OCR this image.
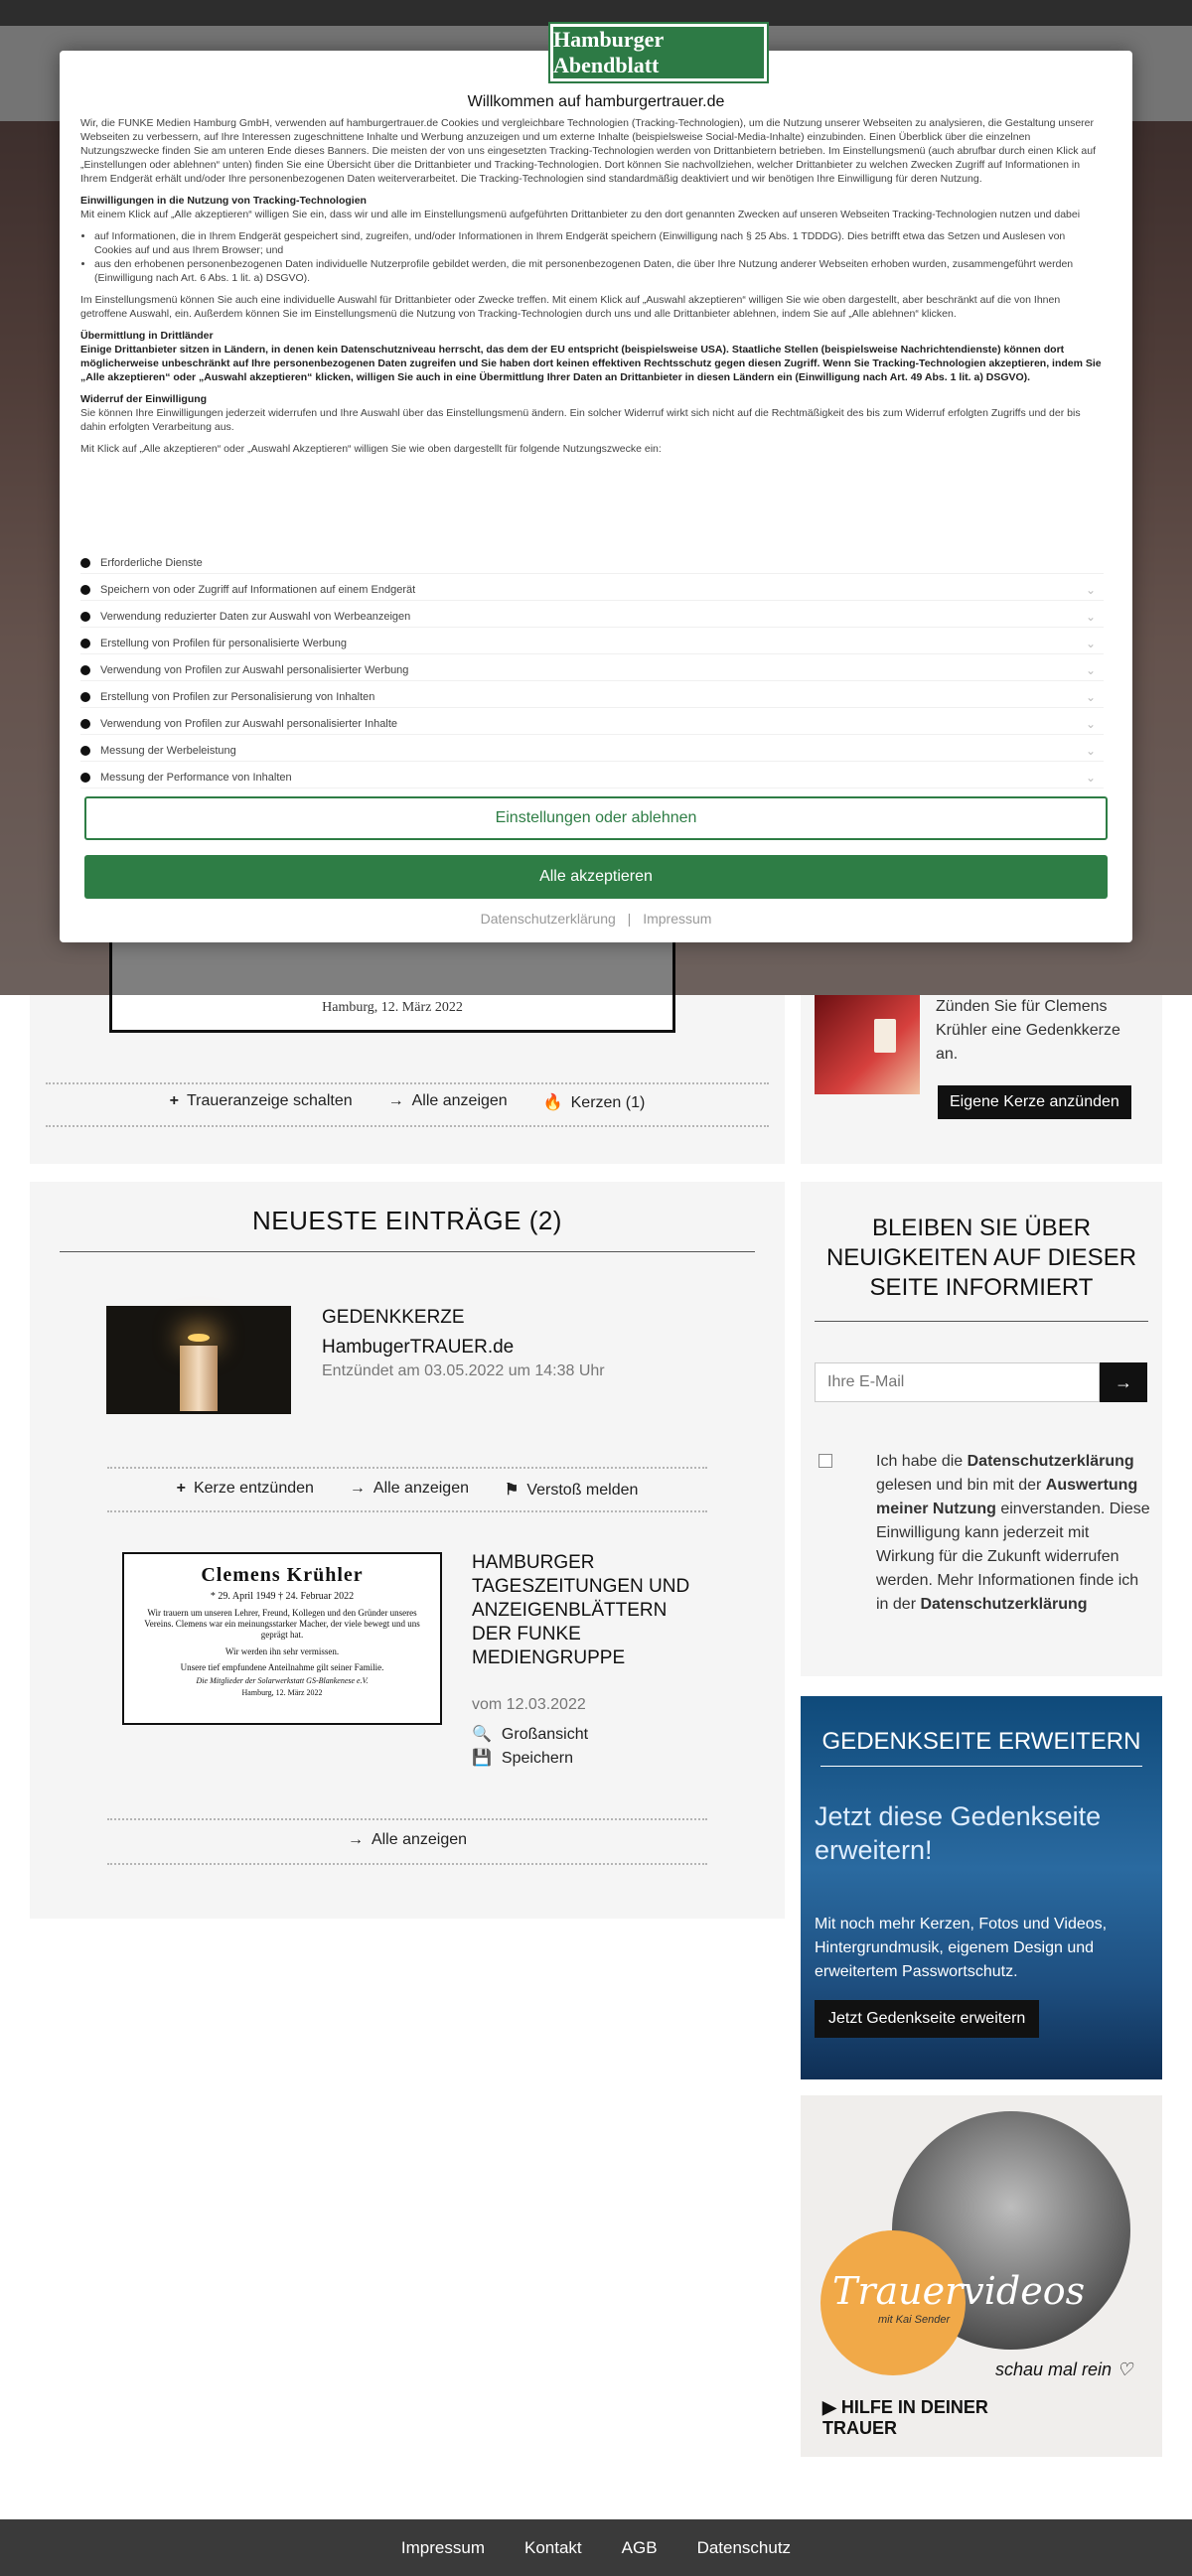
Hamburg, 12. März 2022
+ Traueranzeige schalten → Alle anzeigen 🔥 Kerzen (1)
Zünden Sie für Clemens Krühler eine Gedenkkerze an.
Eigene Kerze anzünden
NEUESTE EINTRÄGE (2)
GEDENKKERZE
HambugerTRAUER.de
Entzündet am 03.05.2022 um 14:38 Uhr
+ Kerze entzünden → Alle anzeigen ⚑ Verstoß melden
Clemens Krühler
* 29. April 1949 † 24. Februar 2022
Wir trauern um unseren Lehrer, Freund, Kollegen und den Gründer unseres Vereins. Clemens war ein meinungsstarker Macher, der viele bewegt und uns geprägt hat.
Wir werden ihn sehr vermissen.
Unsere tief empfundene Anteilnahme gilt seiner Familie.
Die Mitglieder der Solarwerkstatt GS-Blankenese e.V.
Hamburg, 12. März 2022
HAMBURGER TAGESZEITUNGEN UND ANZEIGENBLÄTTERN DER FUNKE MEDIENGRUPPE
vom 12.03.2022
🔍 Großansicht
💾 Speichern
→ Alle anzeigen
BLEIBEN SIE ÜBER NEUIGKEITEN AUF DIESER SEITE INFORMIERT
Ihre E-Mail
→
Ich habe die Datenschutzerklärung gelesen und bin mit der Auswertung meiner Nutzung einverstanden. Diese Einwilligung kann jederzeit mit Wirkung für die Zukunft widerrufen werden. Mehr Informationen finde ich in der Datenschutzerklärung
GEDENKSEITE ERWEITERN
Jetzt diese Gedenkseite erweitern!
Mit noch mehr Kerzen, Fotos und Videos, Hintergrundmusik, eigenem Design und erweitertem Passwortschutz.
Jetzt Gedenkseite erweitern
Trauervideos
mit Kai Sender
schau mal rein ♡
▶ HILFE IN DEINER TRAUER
Impressum Kontakt AGB Datenschutz
Hamburger Abendblatt
Willkommen auf hamburgertrauer.de

Wir, die FUNKE Medien Hamburg GmbH, verwenden auf hamburgertrauer.de Cookies und vergleichbare Technologien (Tracking-Technologien), um die Nutzung unserer Webseiten zu analysieren, die Gestaltung unserer Webseiten zu verbessern, auf Ihre Interessen zugeschnittene Inhalte und Werbung anzuzeigen und um externe Inhalte (beispielsweise Social-Media-Inhalte) einzubinden. Einen Überblick über die einzelnen Nutzungszwecke finden Sie am unteren Ende dieses Banners. Die meisten der von uns eingesetzten Tracking-Technologien werden von Drittanbietern betrieben. Im Einstellungsmenü (auch abrufbar durch einen Klick auf „Einstellungen oder ablehnen“ unten) finden Sie eine Übersicht über die Drittanbieter und Tracking-Technologien. Dort können Sie nachvollziehen, welcher Drittanbieter zu welchen Zwecken Zugriff auf Informationen in Ihrem Endgerät erhält und/oder Ihre personenbezogenen Daten weiterverarbeitet. Die Tracking-Technologien sind standardmäßig deaktiviert und wir benötigen Ihre Einwilligung für deren Nutzung.

Einwilligungen in die Nutzung von Tracking-Technologien

Mit einem Klick auf „Alle akzeptieren“ willigen Sie ein, dass wir und alle im Einstellungsmenü aufgeführten Drittanbieter zu den dort genannten Zwecken auf unseren Webseiten Tracking-Technologien nutzen und dabei

• auf Informationen, die in Ihrem Endgerät gespeichert sind, zugreifen, und/oder Informationen in Ihrem Endgerät speichern (Einwilligung nach § 25 Abs. 1 TDDDG). Dies betrifft etwa das Setzen und Auslesen von Cookies auf und aus Ihrem Browser; und
• aus den erhobenen personenbezogenen Daten individuelle Nutzerprofile gebildet werden, die mit personenbezogenen Daten, die über Ihre Nutzung anderer Webseiten erhoben wurden, zusammengeführt werden (Einwilligung nach Art. 6 Abs. 1 lit. a) DSGVO).

Im Einstellungsmenü können Sie auch eine individuelle Auswahl für Drittanbieter oder Zwecke treffen. Mit einem Klick auf „Auswahl akzeptieren“ willigen Sie wie oben dargestellt, aber beschränkt auf die von Ihnen getroffene Auswahl, ein. Außerdem können Sie im Einstellungsmenü die Nutzung von Tracking-Technologien durch uns und alle Drittanbieter ablehnen, indem Sie auf „Alle ablehnen“ klicken.

Übermittlung in Drittländer

Einige Drittanbieter sitzen in Ländern, in denen kein Datenschutzniveau herrscht, das dem der EU entspricht (beispielsweise USA). Staatliche Stellen (beispielsweise Nachrichtendienste) können dort möglicherweise unbeschränkt auf Ihre personenbezogenen Daten zugreifen und Sie haben dort keinen effektiven Rechtsschutz gegen diesen Zugriff. Wenn Sie Tracking-Technologien akzeptieren, indem Sie „Alle akzeptieren“ oder „Auswahl akzeptieren“ klicken, willigen Sie auch in eine Übermittlung Ihrer Daten an Drittanbieter in diesen Ländern ein (Einwilligung nach Art. 49 Abs. 1 lit. a) DSGVO).

Widerruf der Einwilligung

Sie können Ihre Einwilligungen jederzeit widerrufen und Ihre Auswahl über das Einstellungsmenü ändern. Ein solcher Widerruf wirkt sich nicht auf die Rechtmäßigkeit des bis zum Widerruf erfolgten Zugriffs und der bis dahin erfolgten Verarbeitung aus.

Mit Klick auf „Alle akzeptieren“ oder „Auswahl Akzeptieren“ willigen Sie wie oben dargestellt für folgende Nutzungszwecke ein:

Erforderliche Dienste
Speichern von oder Zugriff auf Informationen auf einem Endgerät	⌄
Verwendung reduzierter Daten zur Auswahl von Werbeanzeigen	⌄
Erstellung von Profilen für personalisierte Werbung	⌄
Verwendung von Profilen zur Auswahl personalisierter Werbung	⌄
Erstellung von Profilen zur Personalisierung von Inhalten	⌄
Verwendung von Profilen zur Auswahl personalisierter Inhalte	⌄
Messung der Werbeleistung	⌄
Messung der Performance von Inhalten	⌄
Einstellungen oder ablehnen
Alle akzeptieren
Datenschutzerklärung | Impressum
